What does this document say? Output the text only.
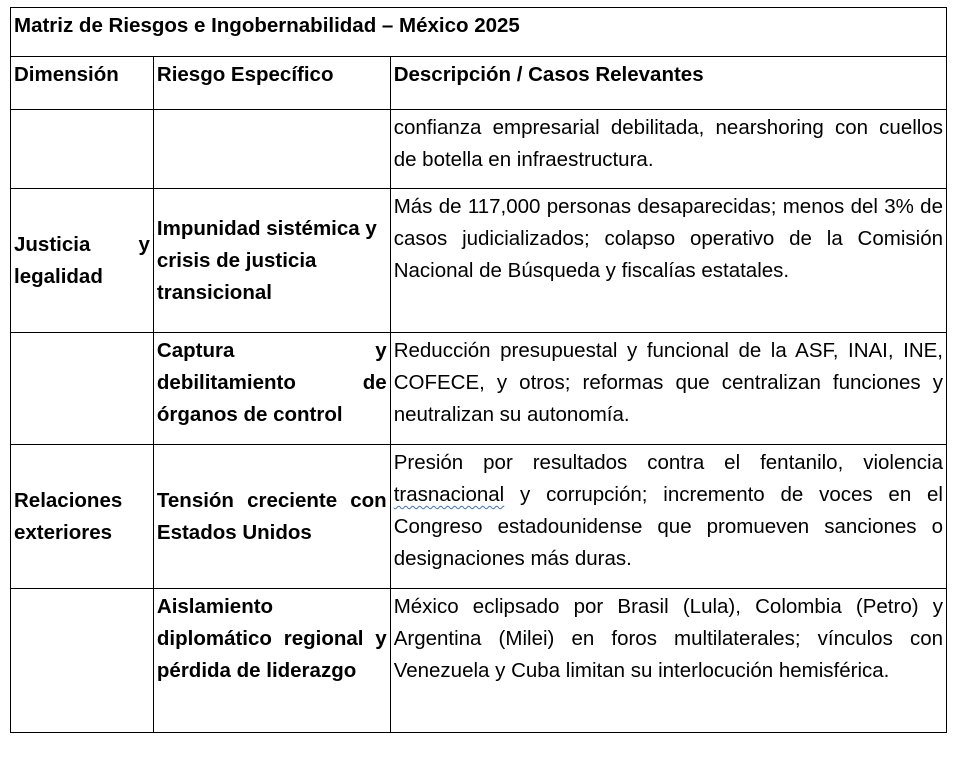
Matriz de Riesgos e Ingobernabilidad – México 2025		
Dimensión	Riesgo Específico	Descripción / Casos Relevantes
		confianza empresarial debilitada, nearshoring con cuellos de botella en infraestructura.
Justicia y legalidad	Impunidad sistémica y crisis de justicia transicional	Más de 117,000 personas desaparecidas; menos del 3% de casos judicializados; colapso operativo de la Comisión Nacional de Búsqueda y fiscalías estatales.
	Captura y debilitamiento de órganos de control	Reducción presupuestal y funcional de la ASF, INAI, INE, COFECE, y otros; reformas que centralizan funciones y neutralizan su autonomía.
Relaciones exteriores	Tensión creciente con Estados Unidos	Presión por resultados contra el fentanilo, violencia trasnacional y corrupción; incremento de voces en el Congreso estadounidense que promueven sanciones o designaciones más duras.
	Aislamiento diplomático regional y pérdida de liderazgo	México eclipsado por Brasil (Lula), Colombia (Petro) y Argentina (Milei) en foros multilaterales; vínculos con Venezuela y Cuba limitan su interlocución hemisférica.
